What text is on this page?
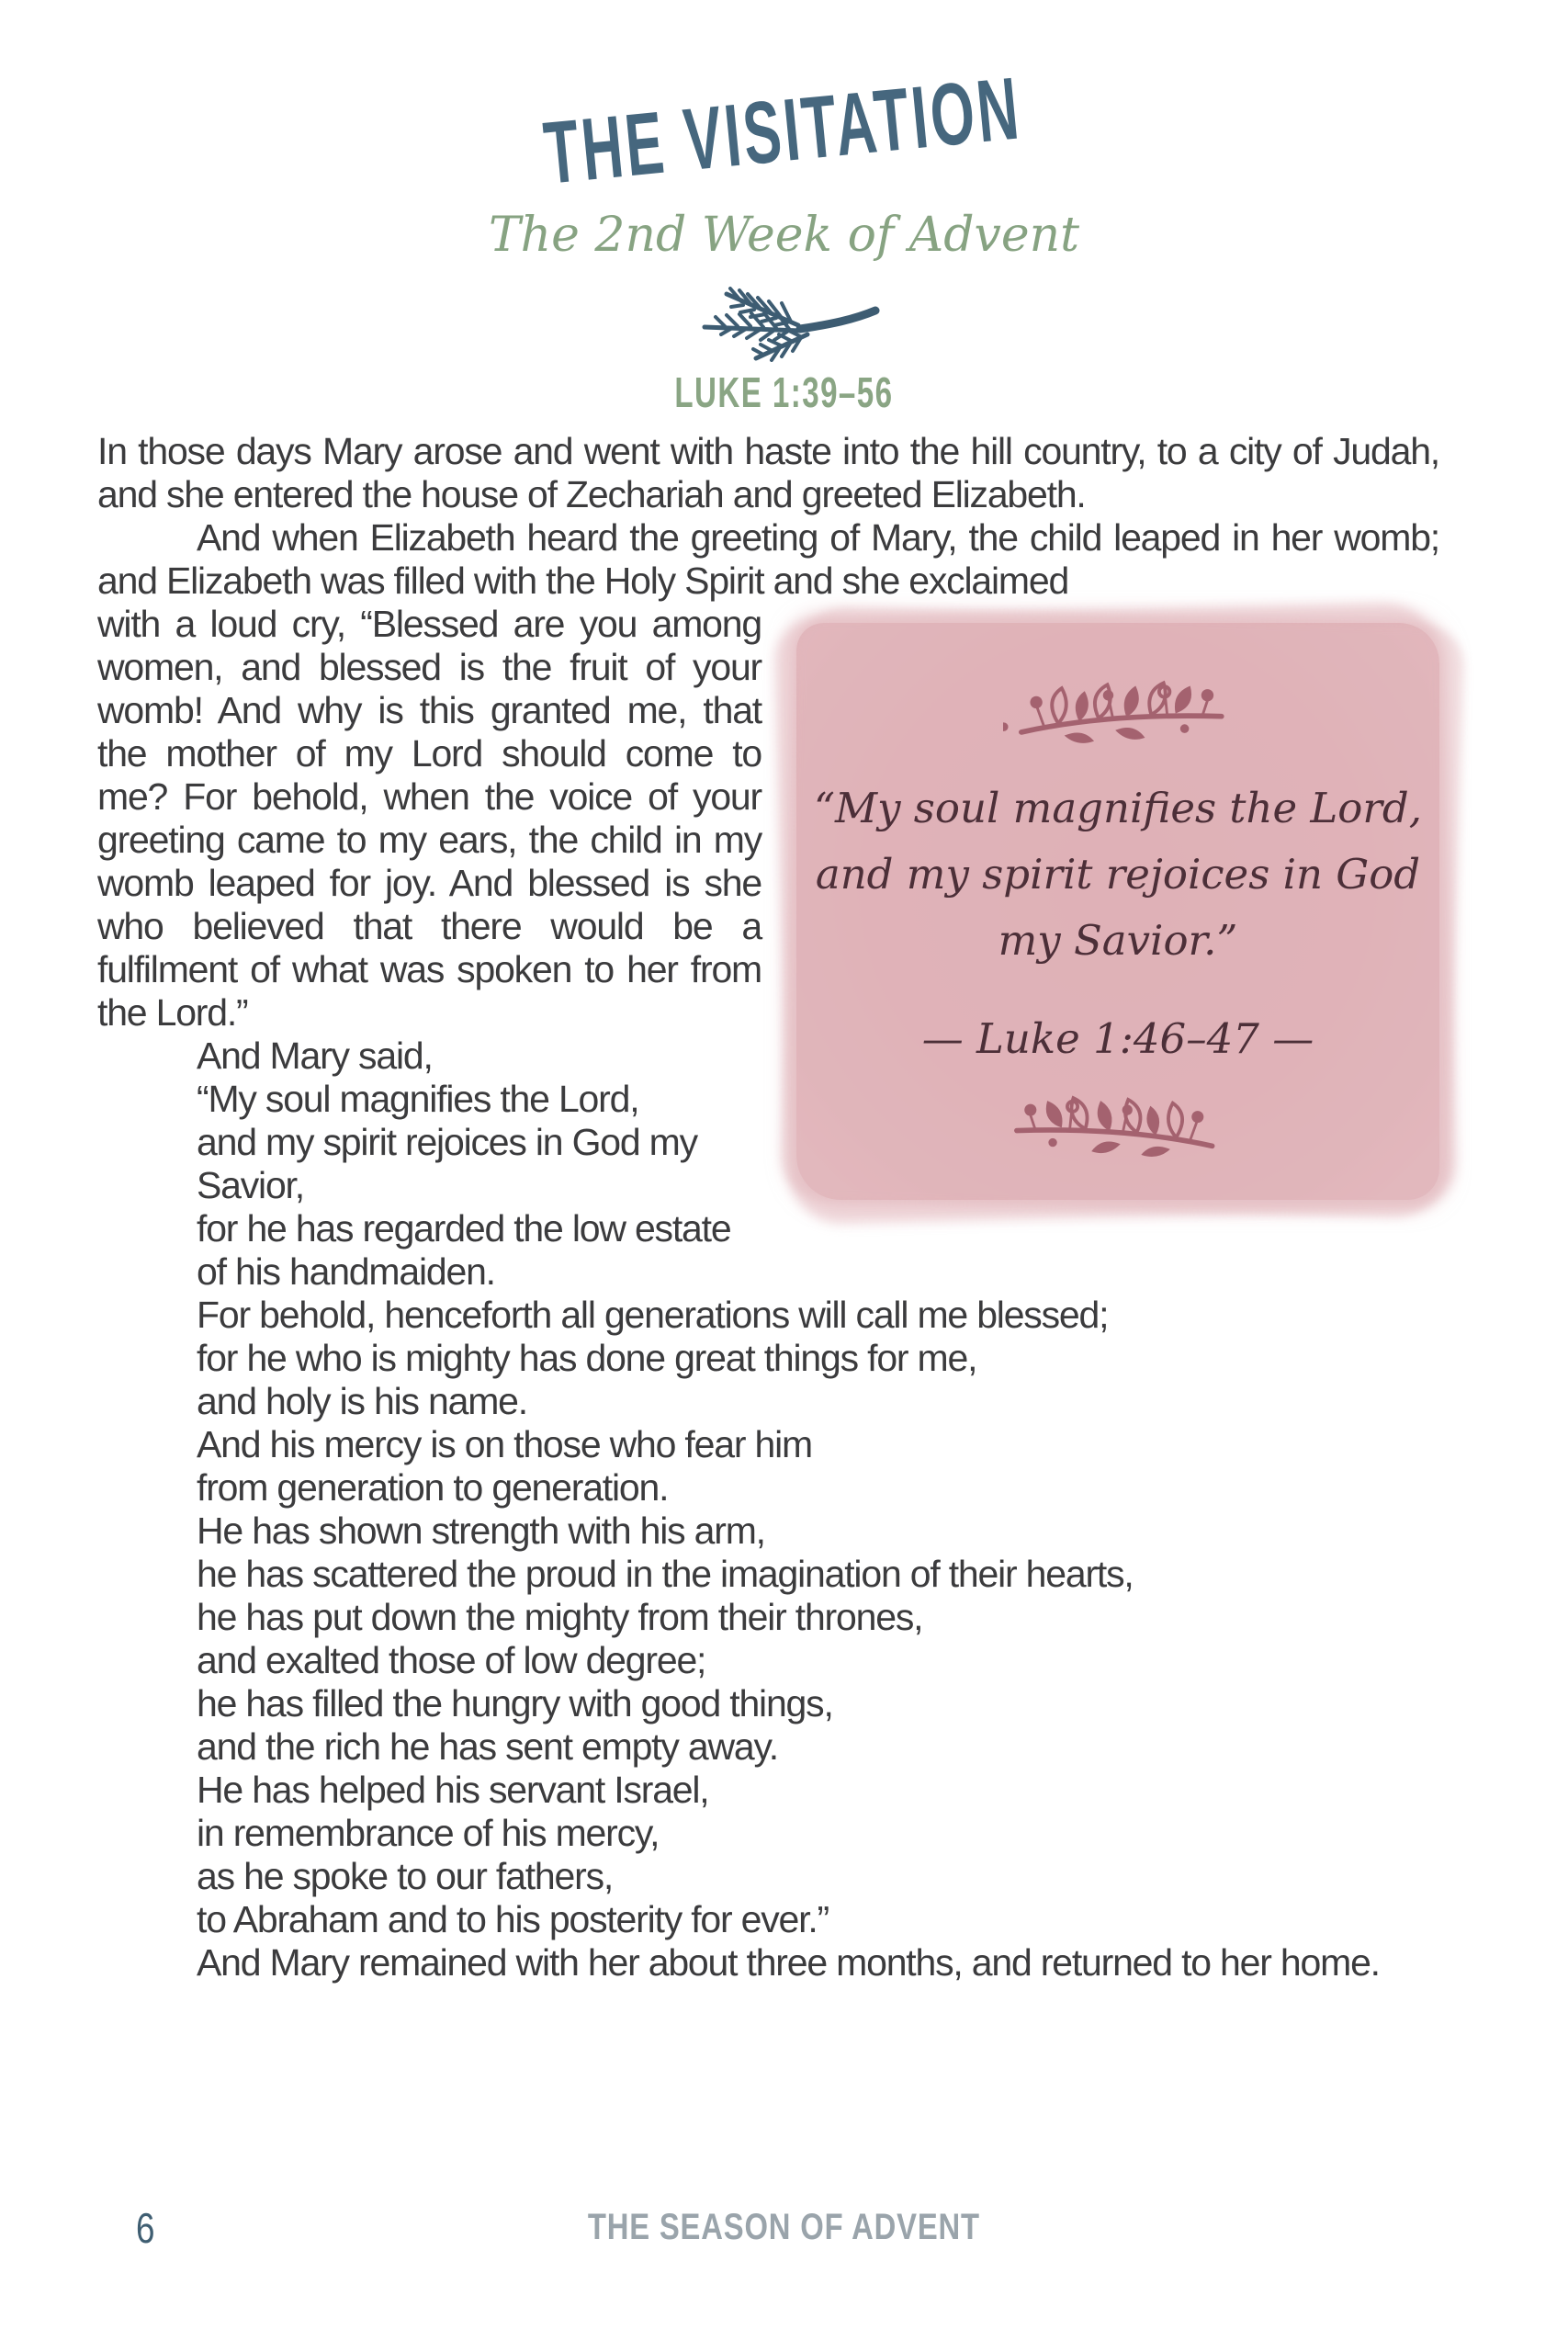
THE VISITATION
The 2nd Week of Advent
LUKE 1:39–56

In those days Mary arose and went with haste into the hill country, to a city of Judah, and she entered the house of Zechariah and greeted Elizabeth.

And when Elizabeth heard the greeting of Mary, the child leaped in her womb; and Elizabeth was filled with the Holy Spirit and she exclaimed

“My soul magnifies the Lord,
and my spirit rejoices in God
my Savior.”
— Luke 1:46–47 —

with a loud cry, “Blessed are you among women, and blessed is the fruit of your womb! And why is this granted me, that the mother of my Lord should come to me? For behold, when the voice of your greeting came to my ears, the child in my womb leaped for joy. And blessed is she who believed that there would be a fulfilment of what was spoken to her from the Lord.”

And Mary said,
“My soul magnifies the Lord,
and my spirit rejoices in God my Savior,
for he has regarded the low estate of his handmaiden.
For behold, henceforth all generations will call me blessed;
for he who is mighty has done great things for me,
and holy is his name.
And his mercy is on those who fear him
from generation to generation.
He has shown strength with his arm,
he has scattered the proud in the imagination of their hearts,
he has put down the mighty from their thrones,
and exalted those of low degree;
he has filled the hungry with good things,
and the rich he has sent empty away.
He has helped his servant Israel,
in remembrance of his mercy,
as he spoke to our fathers,
to Abraham and to his posterity for ever.”

And Mary remained with her about three months, and returned to her home.

6	THE SEASON OF ADVENT
